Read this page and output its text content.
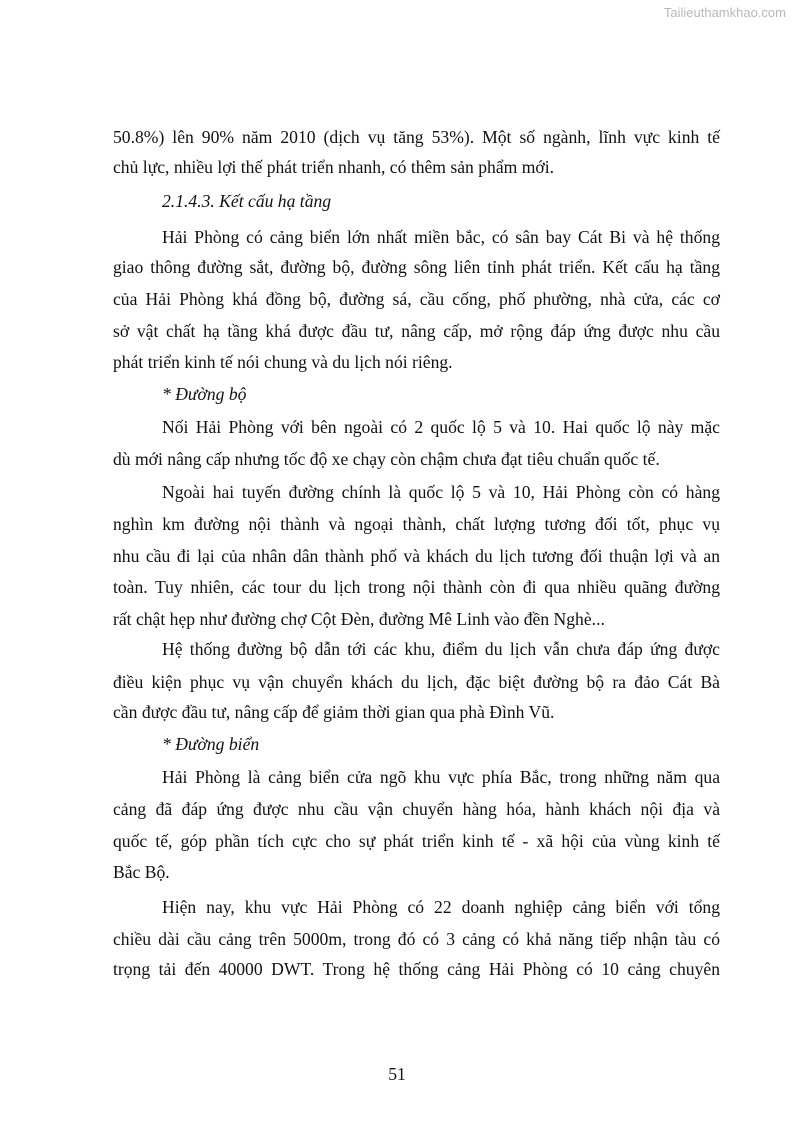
Tailieuthamkhao.com
50.8%) lên 90% năm 2010 (dịch vụ tăng 53%). Một số ngành, lĩnh vực kinh tế
chủ lực, nhiều lợi thế phát triển nhanh, có thêm sản phẩm mới.
2.1.4.3. Kết cấu hạ tầng
Hải Phòng có cảng biển lớn nhất miền bắc, có sân bay Cát Bi và hệ thống
giao thông đường sắt, đường bộ, đường sông liên tỉnh phát triển. Kết cấu hạ tầng
của Hải Phòng khá đồng bộ, đường sá, cầu cống, phố phường, nhà cửa, các cơ
sở vật chất hạ tầng khá được đầu tư, nâng cấp, mở rộng đáp ứng được nhu cầu
phát triển kinh tế nói chung và du lịch nói riêng.
* Đường bộ
Nối Hải Phòng với bên ngoài có 2 quốc lộ 5 và 10. Hai quốc lộ này mặc
dù mới nâng cấp nhưng tốc độ xe chạy còn chậm chưa đạt tiêu chuẩn quốc tế.
Ngoài hai tuyến đường chính là quốc lộ 5 và 10, Hải Phòng còn có hàng
nghìn km đường nội thành và ngoại thành, chất lượng tương đối tốt, phục vụ
nhu cầu đi lại của nhân dân thành phố và khách du lịch tương đối thuận lợi và an
toàn. Tuy nhiên, các tour du lịch trong nội thành còn đi qua nhiều quãng đường
rất chật hẹp như đường chợ Cột Đèn, đường Mê Linh vào đền Nghè...
Hệ thống đường bộ dẫn tới các khu, điểm du lịch vẫn chưa đáp ứng được
điều kiện phục vụ vận chuyển khách du lịch, đặc biệt đường bộ ra đảo Cát Bà
cần được đầu tư, nâng cấp để giảm thời gian qua phà Đình Vũ.
* Đường biển
Hải Phòng là cảng biển cửa ngõ khu vực phía Bắc, trong những năm qua
cảng đã đáp ứng được nhu cầu vận chuyển hàng hóa, hành khách nội địa và
quốc tế, góp phần tích cực cho sự phát triển kinh tế - xã hội của vùng kinh tế
Bắc Bộ.
Hiện nay, khu vực Hải Phòng có 22 doanh nghiệp cảng biển với tổng
chiều dài cầu cảng trên 5000m, trong đó có 3 cảng có khả năng tiếp nhận tàu có
trọng tải đến 40000 DWT. Trong hệ thống cảng Hải Phòng có 10 cảng chuyên
51
